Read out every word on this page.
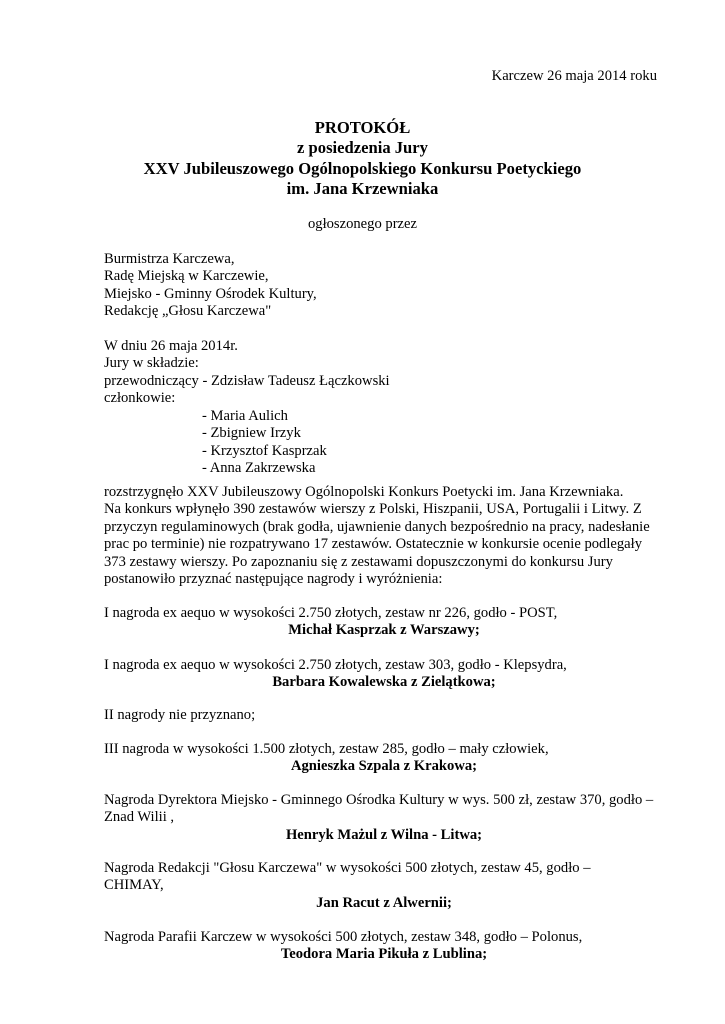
Karczew 26 maja 2014 roku
PROTOKÓŁ
z posiedzenia Jury
XXV Jubileuszowego Ogólnopolskiego Konkursu Poetyckiego
im. Jana Krzewniaka
ogłoszonego przez
Burmistrza Karczewa,
Radę Miejską w Karczewie,
Miejsko - Gminny Ośrodek Kultury,
Redakcję „Głosu Karczewa"
W dniu 26 maja 2014r.
Jury w składzie:
przewodniczący - Zdzisław Tadeusz Łączkowski
członkowie:
- Maria Aulich
- Zbigniew Irzyk
- Krzysztof Kasprzak
- Anna Zakrzewska
rozstrzygnęło XXV Jubileuszowy Ogólnopolski Konkurs Poetycki im. Jana Krzewniaka.
Na konkurs wpłynęło 390 zestawów wierszy z Polski, Hiszpanii, USA, Portugalii i Litwy. Z
przyczyn regulaminowych (brak godła, ujawnienie danych bezpośrednio na pracy, nadesłanie
prac po terminie) nie rozpatrywano 17 zestawów. Ostatecznie w konkursie ocenie podlegały
373 zestawy wierszy. Po zapoznaniu się z zestawami dopuszczonymi do konkursu Jury
postanowiło przyznać następujące nagrody i wyróżnienia:
I nagroda ex aequo w wysokości 2.750 złotych, zestaw nr 226, godło - POST,
Michał Kasprzak z Warszawy;
I nagroda ex aequo w wysokości 2.750 złotych, zestaw 303, godło - Klepsydra,
Barbara Kowalewska z Zielątkowa;
II nagrody nie przyznano;
III nagroda w wysokości 1.500 złotych, zestaw 285, godło – mały człowiek,
Agnieszka Szpala z Krakowa;
Nagroda Dyrektora Miejsko - Gminnego Ośrodka Kultury w wys. 500 zł, zestaw 370, godło –
Znad Wilii ,
Henryk Mażul z Wilna - Litwa;
Nagroda Redakcji "Głosu Karczewa" w wysokości 500 złotych, zestaw 45, godło –
CHIMAY,
Jan Racut z Alwernii;
Nagroda Parafii Karczew w wysokości 500 złotych, zestaw 348, godło – Polonus,
Teodora Maria Pikuła z Lublina;
